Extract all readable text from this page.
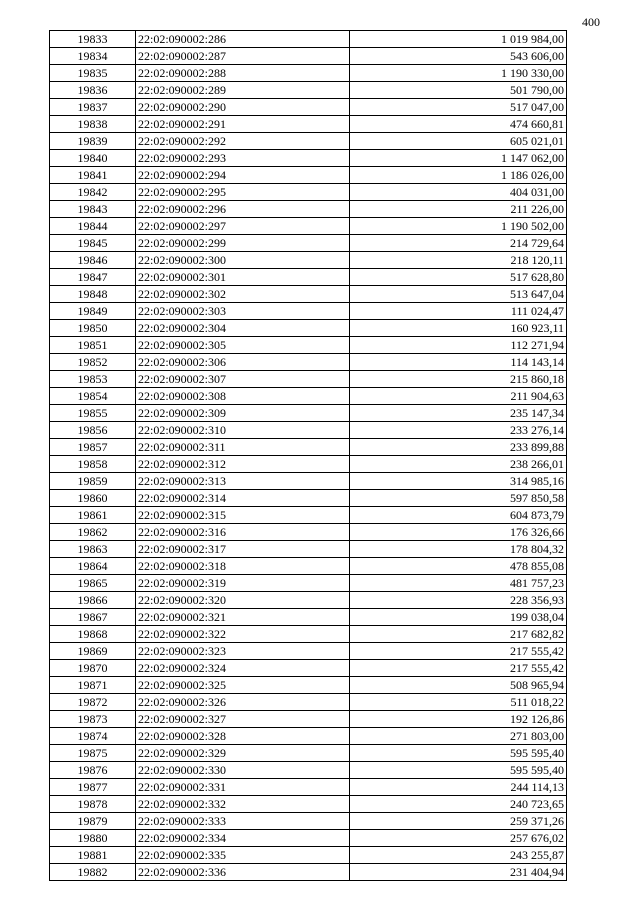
400
19833	22:02:090002:286	1 019 984,00
19834	22:02:090002:287	543 606,00
19835	22:02:090002:288	1 190 330,00
19836	22:02:090002:289	501 790,00
19837	22:02:090002:290	517 047,00
19838	22:02:090002:291	474 660,81
19839	22:02:090002:292	605 021,01
19840	22:02:090002:293	1 147 062,00
19841	22:02:090002:294	1 186 026,00
19842	22:02:090002:295	404 031,00
19843	22:02:090002:296	211 226,00
19844	22:02:090002:297	1 190 502,00
19845	22:02:090002:299	214 729,64
19846	22:02:090002:300	218 120,11
19847	22:02:090002:301	517 628,80
19848	22:02:090002:302	513 647,04
19849	22:02:090002:303	111 024,47
19850	22:02:090002:304	160 923,11
19851	22:02:090002:305	112 271,94
19852	22:02:090002:306	114 143,14
19853	22:02:090002:307	215 860,18
19854	22:02:090002:308	211 904,63
19855	22:02:090002:309	235 147,34
19856	22:02:090002:310	233 276,14
19857	22:02:090002:311	233 899,88
19858	22:02:090002:312	238 266,01
19859	22:02:090002:313	314 985,16
19860	22:02:090002:314	597 850,58
19861	22:02:090002:315	604 873,79
19862	22:02:090002:316	176 326,66
19863	22:02:090002:317	178 804,32
19864	22:02:090002:318	478 855,08
19865	22:02:090002:319	481 757,23
19866	22:02:090002:320	228 356,93
19867	22:02:090002:321	199 038,04
19868	22:02:090002:322	217 682,82
19869	22:02:090002:323	217 555,42
19870	22:02:090002:324	217 555,42
19871	22:02:090002:325	508 965,94
19872	22:02:090002:326	511 018,22
19873	22:02:090002:327	192 126,86
19874	22:02:090002:328	271 803,00
19875	22:02:090002:329	595 595,40
19876	22:02:090002:330	595 595,40
19877	22:02:090002:331	244 114,13
19878	22:02:090002:332	240 723,65
19879	22:02:090002:333	259 371,26
19880	22:02:090002:334	257 676,02
19881	22:02:090002:335	243 255,87
19882	22:02:090002:336	231 404,94
